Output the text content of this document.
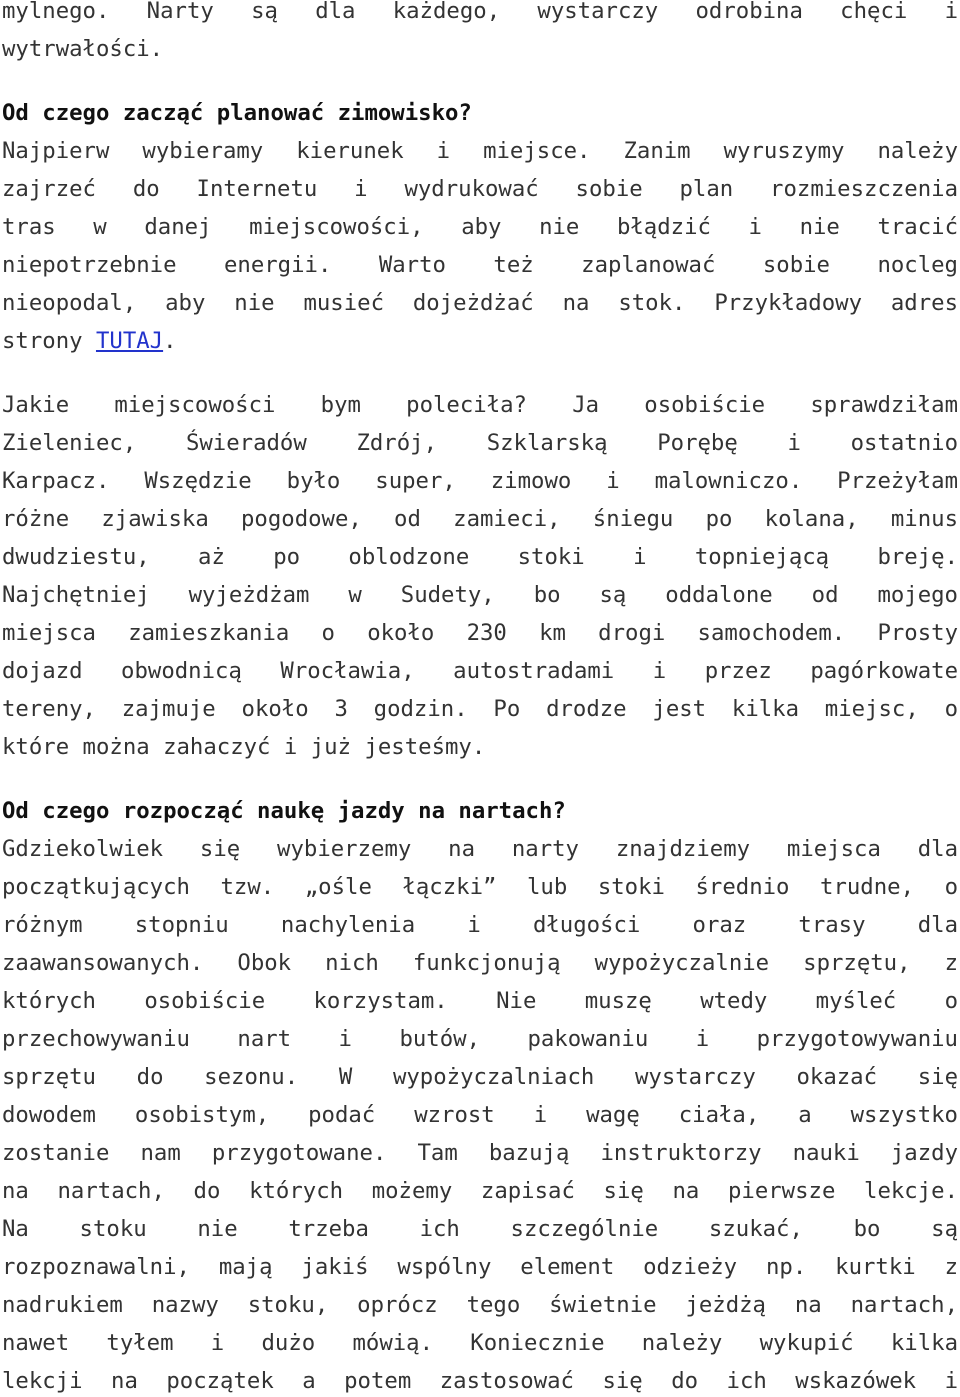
mylnego. Narty są dla każdego, wystarczy odrobina chęci i
wytrwałości.
Od czego zacząć planować zimowisko?
Najpierw wybieramy kierunek i miejsce. Zanim wyruszymy należy
zajrzeć do Internetu i wydrukować sobie plan rozmieszczenia
tras w danej miejscowości, aby nie błądzić i nie tracić
niepotrzebnie energii. Warto też zaplanować sobie nocleg
nieopodal, aby nie musieć dojeżdżać na stok. Przykładowy adres
strony TUTAJ.
Jakie miejscowości bym poleciła? Ja osobiście sprawdziłam
Zieleniec, Świeradów Zdrój, Szklarską Porębę i ostatnio
Karpacz. Wszędzie było super, zimowo i malowniczo. Przeżyłam
różne zjawiska pogodowe, od zamieci, śniegu po kolana, minus
dwudziestu, aż po oblodzone stoki i topniejącą breję.
Najchętniej wyjeżdżam w Sudety, bo są oddalone od mojego
miejsca zamieszkania o około 230 km drogi samochodem. Prosty
dojazd obwodnicą Wrocławia, autostradami i przez pagórkowate
tereny, zajmuje około 3 godzin. Po drodze jest kilka miejsc, o
które można zahaczyć i już jesteśmy.
Od czego rozpocząć naukę jazdy na nartach?
Gdziekolwiek się wybierzemy na narty znajdziemy miejsca dla
początkujących tzw. „ośle łączki” lub stoki średnio trudne, o
różnym stopniu nachylenia i długości oraz trasy dla
zaawansowanych. Obok nich funkcjonują wypożyczalnie sprzętu, z
których osobiście korzystam. Nie muszę wtedy myśleć o
przechowywaniu nart i butów, pakowaniu i przygotowywaniu
sprzętu do sezonu. W wypożyczalniach wystarczy okazać się
dowodem osobistym, podać wzrost i wagę ciała, a wszystko
zostanie nam przygotowane. Tam bazują instruktorzy nauki jazdy
na nartach, do których możemy zapisać się na pierwsze lekcje.
Na stoku nie trzeba ich szczególnie szukać, bo są
rozpoznawalni, mają jakiś wspólny element odzieży np. kurtki z
nadrukiem nazwy stoku, oprócz tego świetnie jeżdżą na nartach,
nawet tyłem i dużo mówią. Koniecznie należy wykupić kilka
lekcji na początek a potem zastosować się do ich wskazówek i
